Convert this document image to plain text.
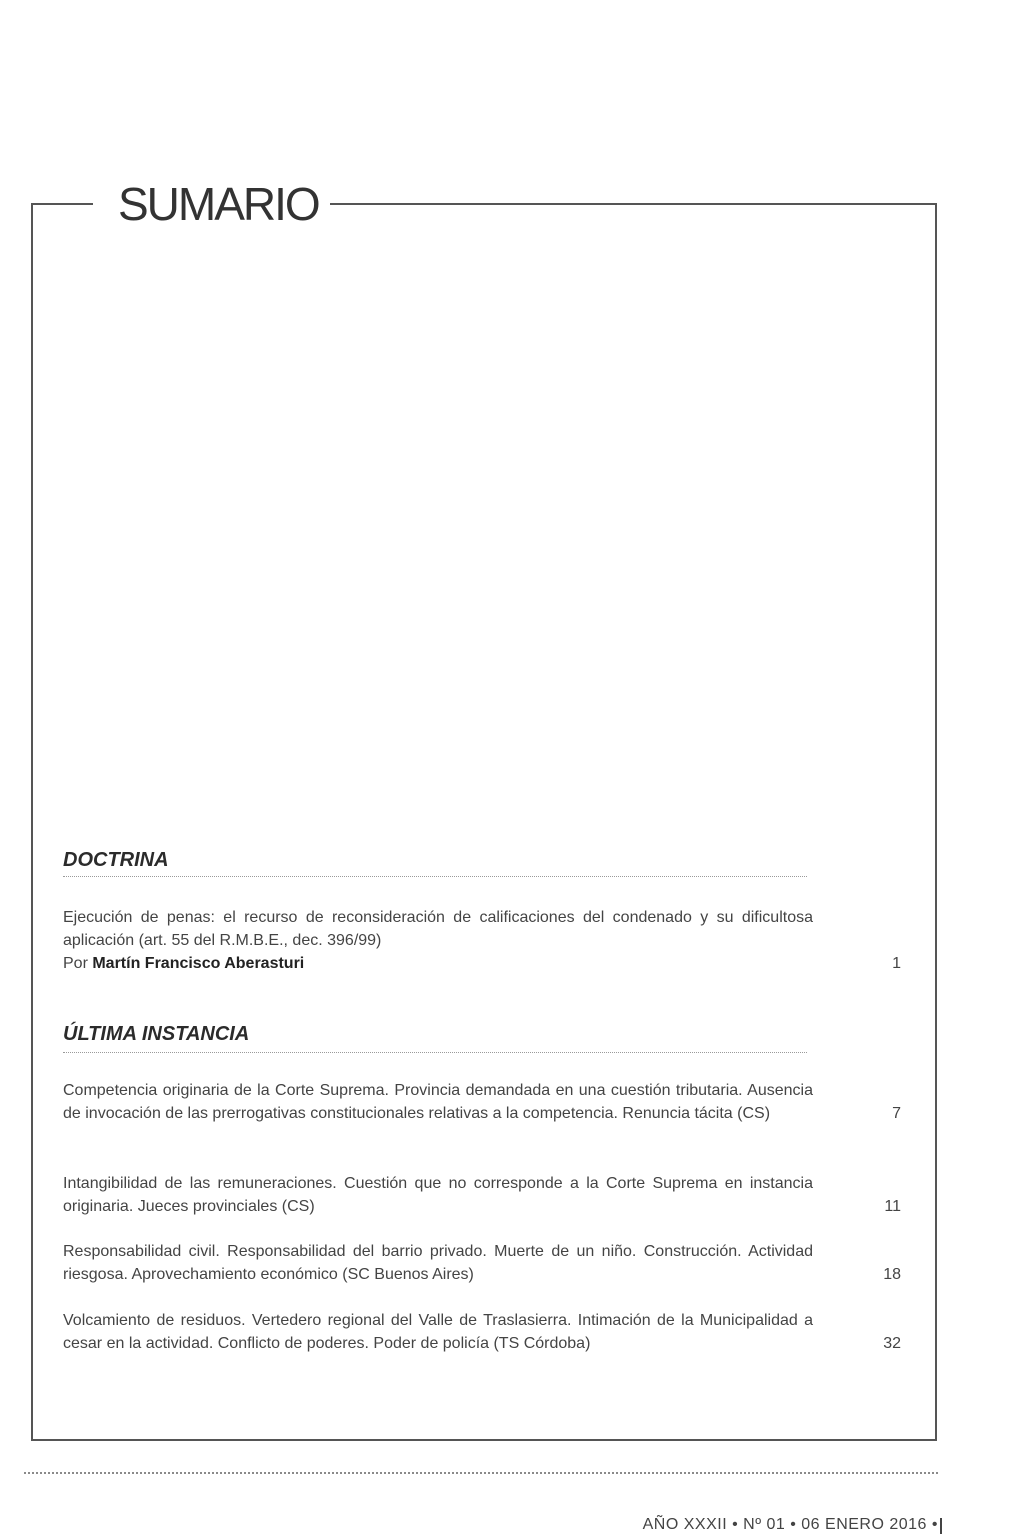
SUMARIO
DOCTRINA
Ejecución de penas: el recurso de reconsideración de calificaciones del condenado y su dificultosa aplicación (art. 55 del R.M.B.E., dec. 396/99)
Por Martín Francisco Aberasturi	1
ÚLTIMA INSTANCIA
Competencia originaria de la Corte Suprema. Provincia demandada en una cuestión tributaria. Ausencia de invocación de las prerrogativas constitucionales relativas a la competencia. Renuncia tácita (CS)	7
Intangibilidad de las remuneraciones. Cuestión que no corresponde a la Corte Suprema en instancia originaria. Jueces provinciales (CS)	11
Responsabilidad civil. Responsabilidad del barrio privado. Muerte de un niño. Construcción. Actividad riesgosa. Aprovechamiento económico (SC Buenos Aires)	18
Volcamiento de residuos. Vertedero regional del Valle de Traslasierra. Intimación de la Municipalidad a cesar en la actividad. Conflicto de poderes. Poder de policía (TS Córdoba)	32
AÑO XXXII • Nº 01 • 06 ENERO 2016 •
